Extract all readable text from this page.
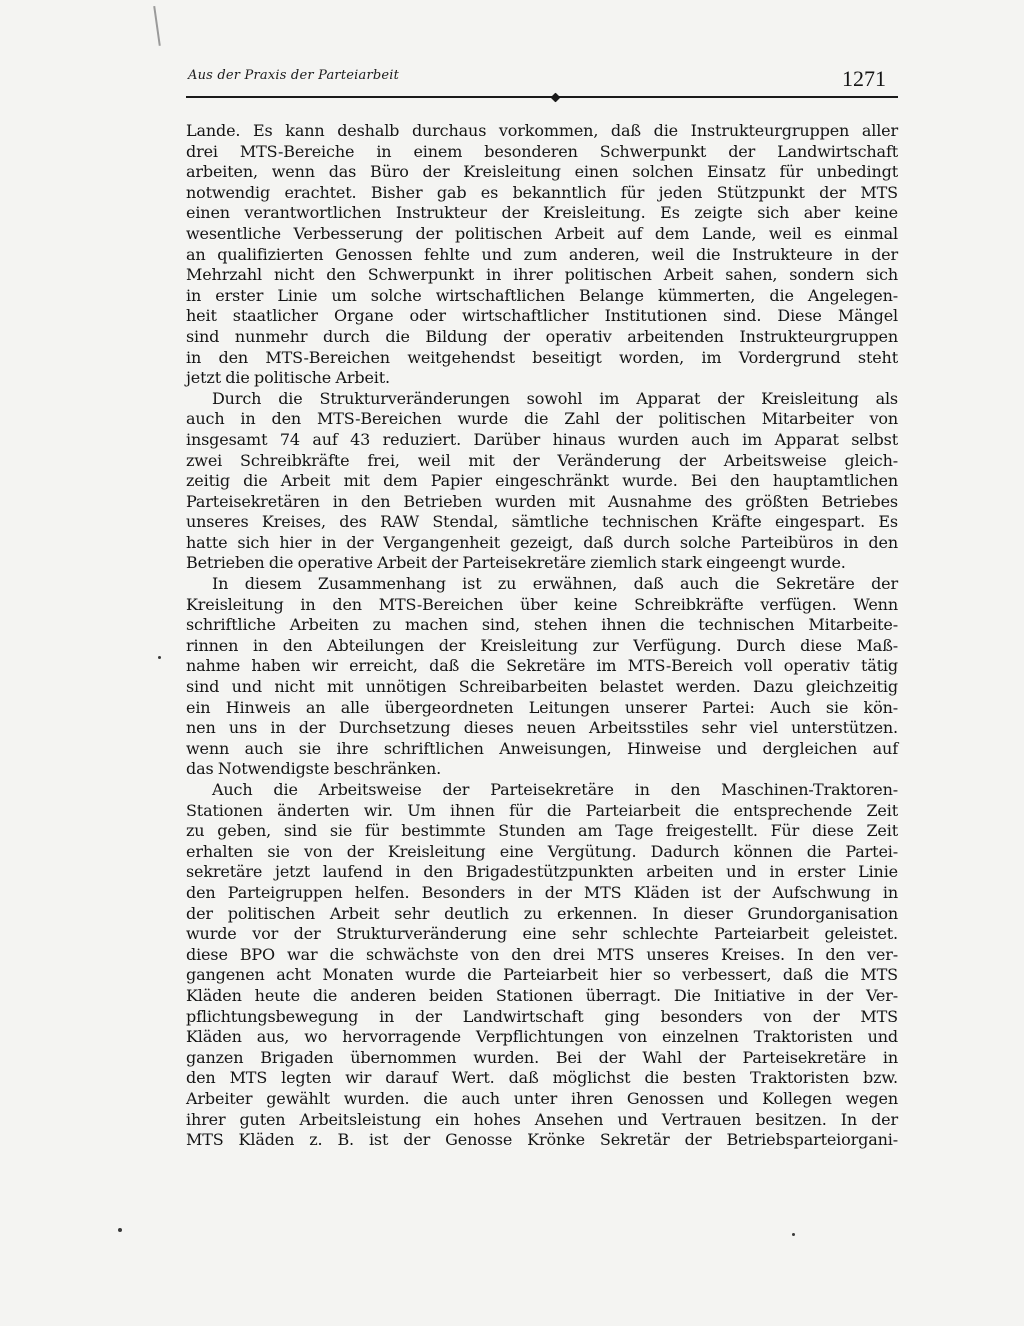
Aus der Praxis der Parteiarbeit	1271
Lande. Es kann deshalb durchaus vorkommen, daß die Instrukteurgruppen aller
drei MTS-Bereiche in einem besonderen Schwerpunkt der Landwirtschaft
arbeiten, wenn das Büro der Kreisleitung einen solchen Einsatz für unbedingt
notwendig erachtet. Bisher gab es bekanntlich für jeden Stützpunkt der MTS
einen verantwortlichen Instrukteur der Kreisleitung. Es zeigte sich aber keine
wesentliche Verbesserung der politischen Arbeit auf dem Lande, weil es einmal
an qualifizierten Genossen fehlte und zum anderen, weil die Instrukteure in der
Mehrzahl nicht den Schwerpunkt in ihrer politischen Arbeit sahen, sondern sich
in erster Linie um solche wirtschaftlichen Belange kümmerten, die Angelegen-
heit staatlicher Organe oder wirtschaftlicher Institutionen sind. Diese Mängel
sind nunmehr durch die Bildung der operativ arbeitenden Instrukteurgruppen
in den MTS-Bereichen weitgehendst beseitigt worden, im Vordergrund steht
jetzt die politische Arbeit.
Durch die Strukturveränderungen sowohl im Apparat der Kreisleitung als
auch in den MTS-Bereichen wurde die Zahl der politischen Mitarbeiter von
insgesamt 74 auf 43 reduziert. Darüber hinaus wurden auch im Apparat selbst
zwei Schreibkräfte frei, weil mit der Veränderung der Arbeitsweise gleich-
zeitig die Arbeit mit dem Papier eingeschränkt wurde. Bei den hauptamtlichen
Parteisekretären in den Betrieben wurden mit Ausnahme des größten Betriebes
unseres Kreises, des RAW Stendal, sämtliche technischen Kräfte eingespart. Es
hatte sich hier in der Vergangenheit gezeigt, daß durch solche Parteibüros in den
Betrieben die operative Arbeit der Parteisekretäre ziemlich stark eingeengt wurde.
In diesem Zusammenhang ist zu erwähnen, daß auch die Sekretäre der
Kreisleitung in den MTS-Bereichen über keine Schreibkräfte verfügen. Wenn
schriftliche Arbeiten zu machen sind, stehen ihnen die technischen Mitarbeite-
rinnen in den Abteilungen der Kreisleitung zur Verfügung. Durch diese Maß-
nahme haben wir erreicht, daß die Sekretäre im MTS-Bereich voll operativ tätig
sind und nicht mit unnötigen Schreibarbeiten belastet werden. Dazu gleichzeitig
ein Hinweis an alle übergeordneten Leitungen unserer Partei: Auch sie kön-
nen uns in der Durchsetzung dieses neuen Arbeitsstiles sehr viel unterstützen.
wenn auch sie ihre schriftlichen Anweisungen, Hinweise und dergleichen auf
das Notwendigste beschränken.
Auch die Arbeitsweise der Parteisekretäre in den Maschinen-Traktoren-
Stationen änderten wir. Um ihnen für die Parteiarbeit die entsprechende Zeit
zu geben, sind sie für bestimmte Stunden am Tage freigestellt. Für diese Zeit
erhalten sie von der Kreisleitung eine Vergütung. Dadurch können die Partei-
sekretäre jetzt laufend in den Brigadestützpunkten arbeiten und in erster Linie
den Parteigruppen helfen. Besonders in der MTS Kläden ist der Aufschwung in
der politischen Arbeit sehr deutlich zu erkennen. In dieser Grundorganisation
wurde vor der Strukturveränderung eine sehr schlechte Parteiarbeit geleistet.
diese BPO war die schwächste von den drei MTS unseres Kreises. In den ver-
gangenen acht Monaten wurde die Parteiarbeit hier so verbessert, daß die MTS
Kläden heute die anderen beiden Stationen überragt. Die Initiative in der Ver-
pflichtungsbewegung in der Landwirtschaft ging besonders von der MTS
Kläden aus, wo hervorragende Verpflichtungen von einzelnen Traktoristen und
ganzen Brigaden übernommen wurden. Bei der Wahl der Parteisekretäre in
den MTS legten wir darauf Wert. daß möglichst die besten Traktoristen bzw.
Arbeiter gewählt wurden. die auch unter ihren Genossen und Kollegen wegen
ihrer guten Arbeitsleistung ein hohes Ansehen und Vertrauen besitzen. In der
MTS Kläden z. B. ist der Genosse Krönke Sekretär der Betriebsparteiorgani-
